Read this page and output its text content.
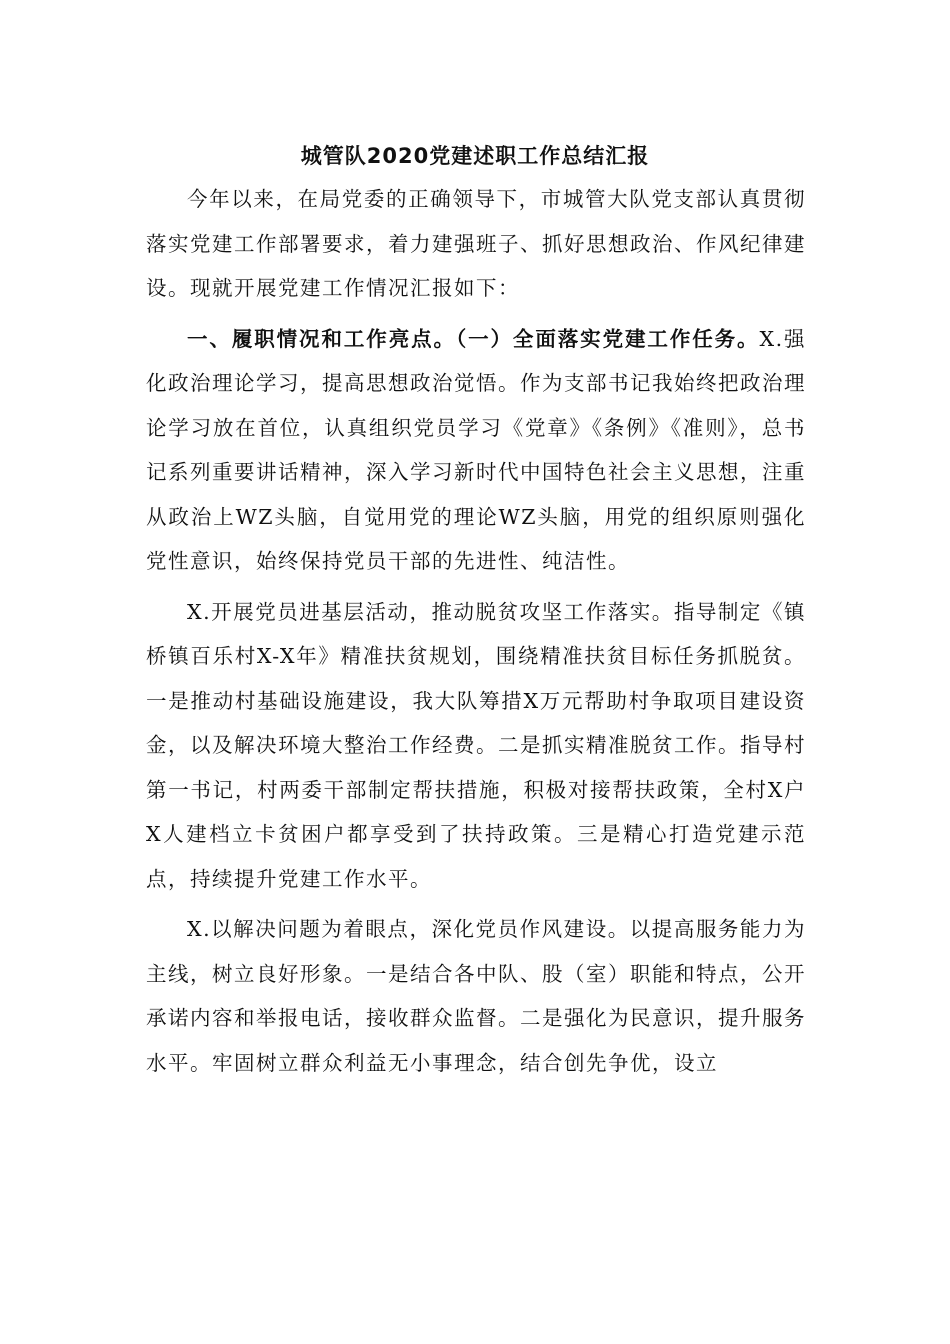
城管队2020党建述职工作总结汇报

今年以来，在局党委的正确领导下，市城管大队党支部认真贯彻落实党建工作部署要求，着力建强班子、抓好思想政治、作风纪律建设。现就开展党建工作情况汇报如下：

一、履职情况和工作亮点。（一）全面落实党建工作任务。X.强化政治理论学习，提高思想政治觉悟。作为支部书记我始终把政治理论学习放在首位，认真组织党员学习《党章》《条例》《准则》，总书记系列重要讲话精神，深入学习新时代中国特色社会主义思想，注重从政治上WZ头脑，自觉用党的理论WZ头脑，用党的组织原则强化党性意识，始终保持党员干部的先进性、纯洁性。

X.开展党员进基层活动，推动脱贫攻坚工作落实。指导制定《镇桥镇百乐村X-X年》精准扶贫规划，围绕精准扶贫目标任务抓脱贫。一是推动村基础设施建设，我大队筹措X万元帮助村争取项目建设资金，以及解决环境大整治工作经费。二是抓实精准脱贫工作。指导村第一书记，村两委干部制定帮扶措施，积极对接帮扶政策，全村X户X人建档立卡贫困户都享受到了扶持政策。三是精心打造党建示范点，持续提升党建工作水平。

X.以解决问题为着眼点，深化党员作风建设。以提高服务能力为主线，树立良好形象。一是结合各中队、股（室）职能和特点，公开承诺内容和举报电话，接收群众监督。二是强化为民意识，提升服务水平。牢固树立群众利益无小事理念，结合创先争优，设立
